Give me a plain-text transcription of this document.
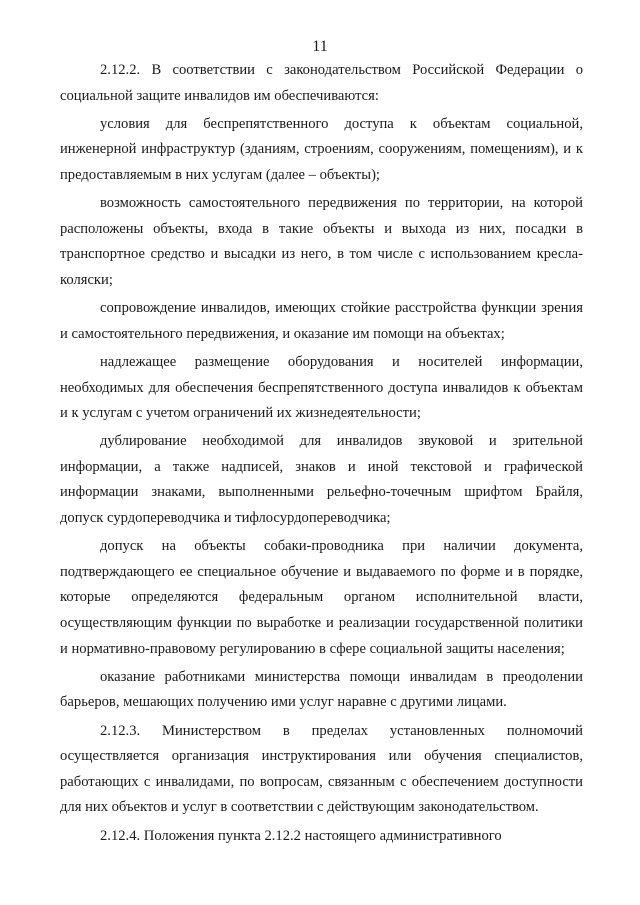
11

2.12.2. В соответствии с законодательством Российской Федерации о социальной защите инвалидов им обеспечиваются:

условия для беспрепятственного доступа к объектам социальной, инженерной инфраструктур (зданиям, строениям, сооружениям, помещениям), и к предоставляемым в них услугам (далее – объекты);

возможность самостоятельного передвижения по территории, на которой расположены объекты, входа в такие объекты и выхода из них, посадки в транспортное средство и высадки из него, в том числе с использованием кресла-коляски;

сопровождение инвалидов, имеющих стойкие расстройства функции зрения и самостоятельного передвижения, и оказание им помощи на объектах;

надлежащее размещение оборудования и носителей информации, необходимых для обеспечения беспрепятственного доступа инвалидов к объектам и к услугам с учетом ограничений их жизнедеятельности;

дублирование необходимой для инвалидов звуковой и зрительной информации, а также надписей, знаков и иной текстовой и графической информации знаками, выполненными рельефно-точечным шрифтом Брайля, допуск сурдопереводчика и тифлосурдопереводчика;

допуск на объекты собаки-проводника при наличии документа, подтверждающего ее специальное обучение и выдаваемого по форме и в порядке, которые определяются федеральным органом исполнительной власти, осуществляющим функции по выработке и реализации государственной политики и нормативно-правовому регулированию в сфере социальной защиты населения;

оказание работниками министерства помощи инвалидам в преодолении барьеров, мешающих получению ими услуг наравне с другими лицами.

2.12.3. Министерством в пределах установленных полномочий осуществляется организация инструктирования или обучения специалистов, работающих с инвалидами, по вопросам, связанным с обеспечением доступности для них объектов и услуг в соответствии с действующим законодательством.

2.12.4. Положения пункта 2.12.2 настоящего административного
